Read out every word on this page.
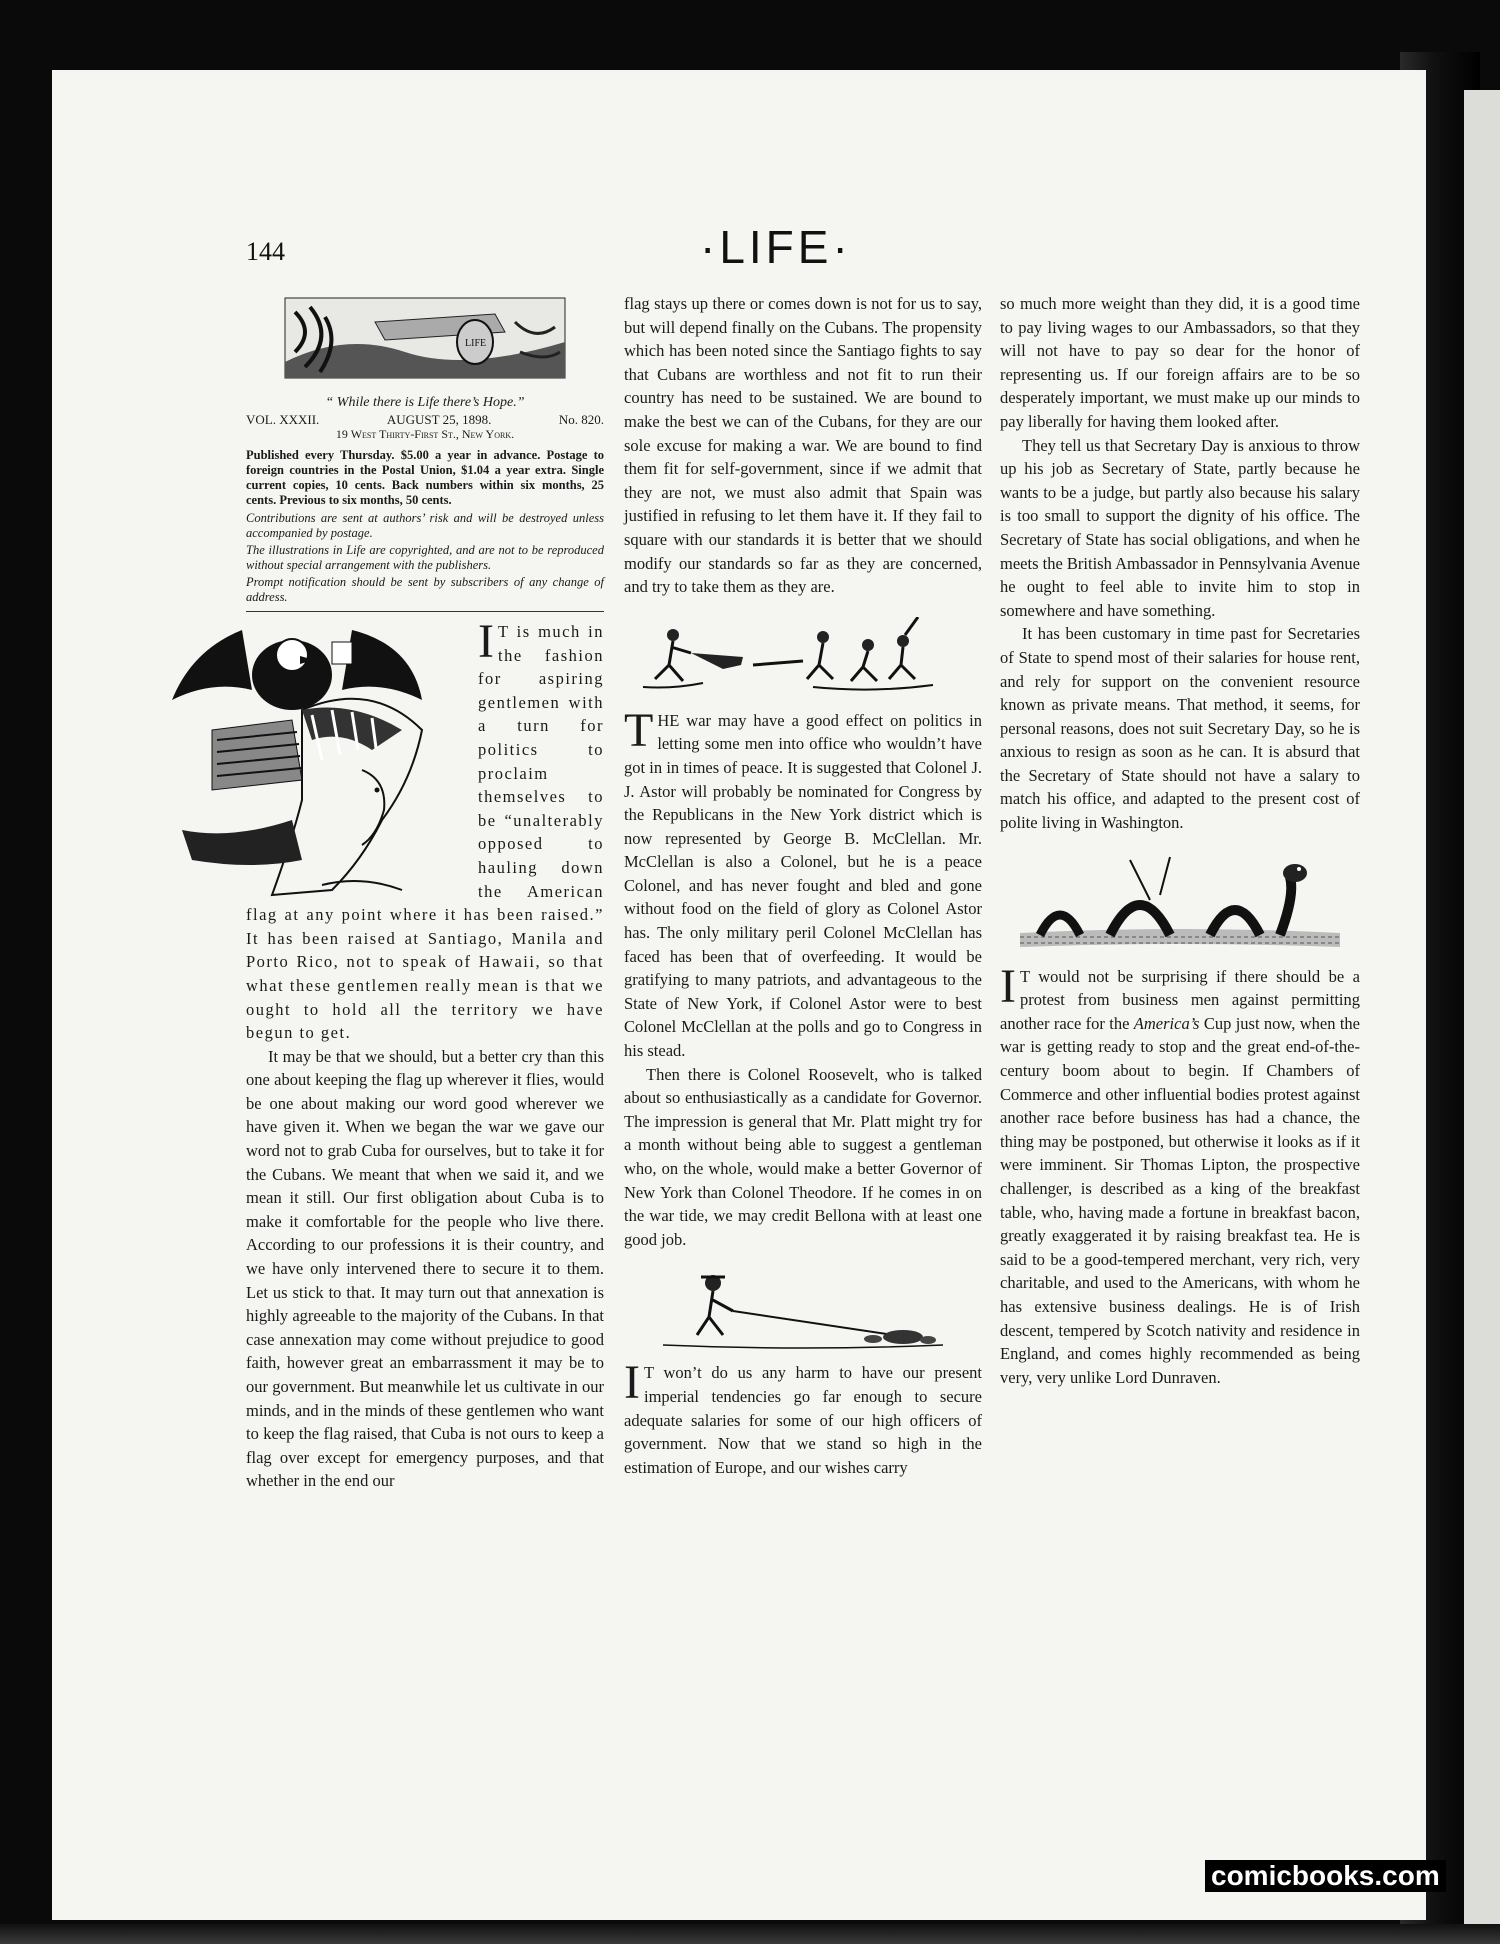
144	·LIFE·
LIFE
“ While there is Life there’s Hope.”
VOL. XXXII.	AUGUST 25, 1898.	No. 820.
19 West Thirty-First St., New York.
Published every Thursday. $5.00 a year in advance. Postage to foreign countries in the Postal Union, $1.04 a year extra. Single current copies, 10 cents. Back numbers within six months, 25 cents. Previous to six months, 50 cents.
Contributions are sent at authors’ risk and will be destroyed unless accompanied by postage.
The illustrations in Life are copyrighted, and are not to be reproduced without special arrangement with the publishers.
Prompt notification should be sent by subscribers of any change of address.
I T is much in the fashion for aspiring gentlemen with a turn for politics to proclaim themselves to be “unalterably opposed to hauling down the American flag at any point where it has been raised.” It has been raised at Santiago, Manila and Porto Rico, not to speak of Hawaii, so that what these gentlemen really mean is that we ought to hold all the territory we have begun to get.

It may be that we should, but a better cry than this one about keeping the flag up wherever it flies, would be one about making our word good wherever we have given it. When we began the war we gave our word not to grab Cuba for ourselves, but to take it for the Cubans. We meant that when we said it, and we mean it still. Our first obligation about Cuba is to make it comfortable for the people who live there. According to our professions it is their country, and we have only intervened there to secure it to them. Let us stick to that. It may turn out that annexation is highly agreeable to the majority of the Cubans. In that case annexation may come without prejudice to good faith, however great an embarrassment it may be to our government. But meanwhile let us cultivate in our minds, and in the minds of these gentlemen who want to keep the flag raised, that Cuba is not ours to keep a flag over except for emergency purposes, and that whether in the end our

flag stays up there or comes down is not for us to say, but will depend finally on the Cubans. The propensity which has been noted since the Santiago fights to say that Cubans are worthless and not fit to run their country has need to be sustained. We are bound to make the best we can of the Cubans, for they are our sole excuse for making a war. We are bound to find them fit for self-government, since if we admit that they are not, we must also admit that Spain was justified in refusing to let them have it. If they fail to square with our standards it is better that we should modify our standards so far as they are concerned, and try to take them as they are.

T HE war may have a good effect on politics in letting some men into office who wouldn’t have got in in times of peace. It is suggested that Colonel J. J. Astor will probably be nominated for Congress by the Republicans in the New York district which is now represented by George B. McClellan. Mr. McClellan is also a Colonel, but he is a peace Colonel, and has never fought and bled and gone without food on the field of glory as Colonel Astor has. The only military peril Colonel McClellan has faced has been that of overfeeding. It would be gratifying to many patriots, and advantageous to the State of New York, if Colonel Astor were to best Colonel McClellan at the polls and go to Congress in his stead.

Then there is Colonel Roosevelt, who is talked about so enthusiastically as a candidate for Governor. The impression is general that Mr. Platt might try for a month without being able to suggest a gentleman who, on the whole, would make a better Governor of New York than Colonel Theodore. If he comes in on the war tide, we may credit Bellona with at least one good job.

I T won’t do us any harm to have our present imperial tendencies go far enough to secure adequate salaries for some of our high officers of government. Now that we stand so high in the estimation of Europe, and our wishes carry

so much more weight than they did, it is a good time to pay living wages to our Ambassadors, so that they will not have to pay so dear for the honor of representing us. If our foreign affairs are to be so desperately important, we must make up our minds to pay liberally for having them looked after.

They tell us that Secretary Day is anxious to throw up his job as Secretary of State, partly because he wants to be a judge, but partly also because his salary is too small to support the dignity of his office. The Secretary of State has social obligations, and when he meets the British Ambassador in Pennsylvania Avenue he ought to feel able to invite him to stop in somewhere and have something.

It has been customary in time past for Secretaries of State to spend most of their salaries for house rent, and rely for support on the convenient resource known as private means. That method, it seems, for personal reasons, does not suit Secretary Day, so he is anxious to resign as soon as he can. It is absurd that the Secretary of State should not have a salary to match his office, and adapted to the present cost of polite living in Washington.

I T would not be surprising if there should be a protest from business men against permitting another race for the America’s Cup just now, when the war is getting ready to stop and the great end-of-the-century boom about to begin. If Chambers of Commerce and other influential bodies protest against another race before business has had a chance, the thing may be postponed, but otherwise it looks as if it were imminent. Sir Thomas Lipton, the prospective challenger, is described as a king of the breakfast table, who, having made a fortune in breakfast bacon, greatly exaggerated it by raising breakfast tea. He is said to be a good-tempered merchant, very rich, very charitable, and used to the Americans, with whom he has extensive business dealings. He is of Irish descent, tempered by Scotch nativity and residence in England, and comes highly recommended as being very, very unlike Lord Dunraven.

comicbooks.com
